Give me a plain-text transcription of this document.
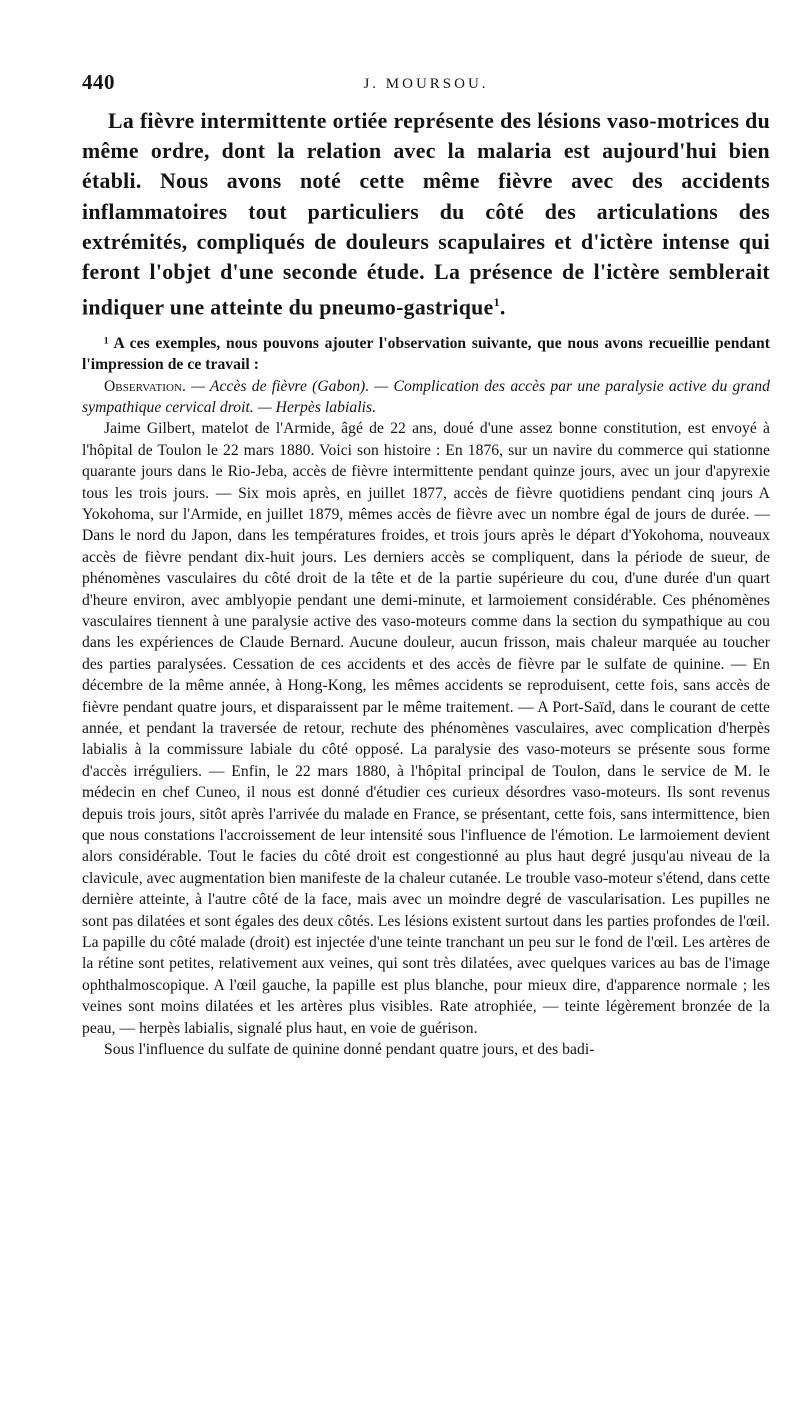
440	J. MOURSOU.

La fièvre intermittente ortiée représente des lésions vaso-motrices du même ordre, dont la relation avec la malaria est aujourd'hui bien établi. Nous avons noté cette même fièvre avec des accidents inflammatoires tout particuliers du côté des articulations des extrémités, compliqués de douleurs scapulaires et d'ictère intense qui feront l'objet d'une seconde étude. La présence de l'ictère semblerait indiquer une atteinte du pneumo-gastrique$^1$.

¹ A ces exemples, nous pouvons ajouter l'observation suivante, que nous avons recueillie pendant l'impression de ce travail :

Observation. — Accès de fièvre (Gabon). — Complication des accès par une paralysie active du grand sympathique cervical droit. — Herpès labialis.

Jaime Gilbert, matelot de l'Armide, âgé de 22 ans, doué d'une assez bonne constitution, est envoyé à l'hôpital de Toulon le 22 mars 1880. Voici son histoire : En 1876, sur un navire du commerce qui stationne quarante jours dans le Rio-Jeba, accès de fièvre intermittente pendant quinze jours, avec un jour d'apyrexie tous les trois jours. — Six mois après, en juillet 1877, accès de fièvre quotidiens pendant cinq jours A Yokohoma, sur l'Armide, en juillet 1879, mêmes accès de fièvre avec un nombre égal de jours de durée. — Dans le nord du Japon, dans les températures froides, et trois jours après le départ d'Yokohoma, nouveaux accès de fièvre pendant dix-huit jours. Les derniers accès se compliquent, dans la période de sueur, de phénomènes vasculaires du côté droit de la tête et de la partie supérieure du cou, d'une durée d'un quart d'heure environ, avec amblyopie pendant une demi-minute, et larmoiement considérable. Ces phénomènes vasculaires tiennent à une paralysie active des vaso-moteurs comme dans la section du sympathique au cou dans les expériences de Claude Bernard. Aucune douleur, aucun frisson, mais chaleur marquée au toucher des parties paralysées. Cessation de ces accidents et des accès de fièvre par le sulfate de quinine. — En décembre de la même année, à Hong-Kong, les mêmes accidents se reproduisent, cette fois, sans accès de fièvre pendant quatre jours, et disparaissent par le même traitement. — A Port-Saïd, dans le courant de cette année, et pendant la traversée de retour, rechute des phénomènes vasculaires, avec complication d'herpès labialis à la commissure labiale du côté opposé. La paralysie des vaso-moteurs se présente sous forme d'accès irréguliers. — Enfin, le 22 mars 1880, à l'hôpital principal de Toulon, dans le service de M. le médecin en chef Cuneo, il nous est donné d'étudier ces curieux désordres vaso-moteurs. Ils sont revenus depuis trois jours, sitôt après l'arrivée du malade en France, se présentant, cette fois, sans intermittence, bien que nous constations l'accroissement de leur intensité sous l'influence de l'émotion. Le larmoiement devient alors considérable. Tout le facies du côté droit est congestionné au plus haut degré jusqu'au niveau de la clavicule, avec augmentation bien manifeste de la chaleur cutanée. Le trouble vaso-moteur s'étend, dans cette dernière atteinte, à l'autre côté de la face, mais avec un moindre degré de vascularisation. Les pupilles ne sont pas dilatées et sont égales des deux côtés. Les lésions existent surtout dans les parties profondes de l'œil. La papille du côté malade (droit) est injectée d'une teinte tranchant un peu sur le fond de l'œil. Les artères de la rétine sont petites, relativement aux veines, qui sont très dilatées, avec quelques varices au bas de l'image ophthalmoscopique. A l'œil gauche, la papille est plus blanche, pour mieux dire, d'apparence normale ; les veines sont moins dilatées et les artères plus visibles. Rate atrophiée, — teinte légèrement bronzée de la peau, — herpès labialis, signalé plus haut, en voie de guérison.

Sous l'influence du sulfate de quinine donné pendant quatre jours, et des badi-
